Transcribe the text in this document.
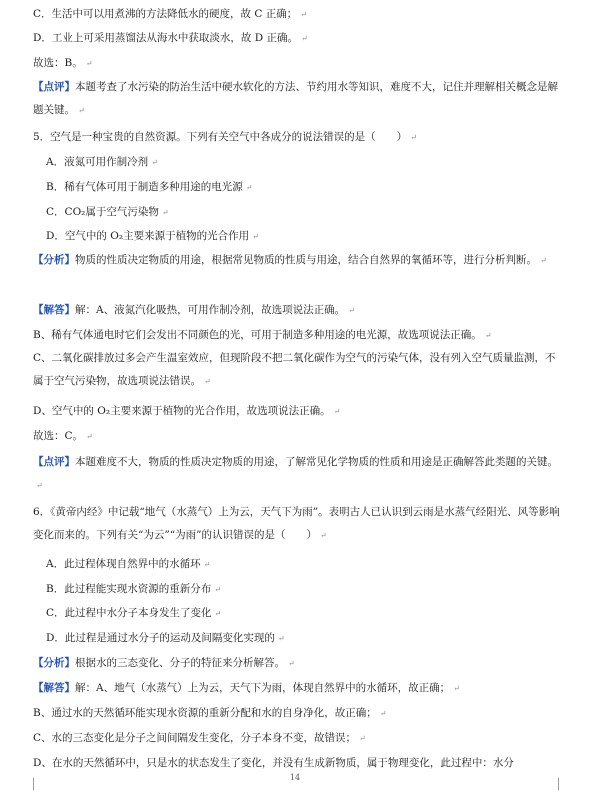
C．生活中可以用煮沸的方法降低水的硬度，故 C 正确； ↵
D．工业上可采用蒸馏法从海水中获取淡水，故 D 正确。 ↵
故选：B。 ↵
【点评】本题考查了水污染的防治生活中硬水软化的方法、节约用水等知识，难度不大，记住并理解相关概念是解题关键。 ↵
5．空气是一种宝贵的自然资源。下列有关空气中各成分的说法错误的是（　　） ↵
A．液氮可用作制冷剂 ↵
B．稀有气体可用于制造多种用途的电光源 ↵
C．CO₂属于空气污染物 ↵
D．空气中的 O₂主要来源于植物的光合作用 ↵
【分析】物质的性质决定物质的用途，根据常见物质的性质与用途，结合自然界的氧循环等，进行分析判断。 ↵
【解答】解：A、液氮汽化吸热，可用作制冷剂，故选项说法正确。 ↵
B、稀有气体通电时它们会发出不同颜色的光，可用于制造多种用途的电光源，故选项说法正确。 ↵
C、二氧化碳排放过多会产生温室效应，但现阶段不把二氧化碳作为空气的污染气体，没有列入空气质量监测，不属于空气污染物，故选项说法错误。 ↵
D、空气中的 O₂主要来源于植物的光合作用，故选项说法正确。 ↵
故选：C。 ↵
【点评】本题难度不大，物质的性质决定物质的用途，了解常见化学物质的性质和用途是正确解答此类题的关键。↵
6．《黄帝内经》中记载“地气（水蒸气）上为云，天气下为雨”。表明古人已认识到云雨是水蒸气经阳光、风等影响变化而来的。下列有关“为云”“为雨”的认识错误的是（　　） ↵
A．此过程体现自然界中的水循环 ↵
B．此过程能实现水资源的重新分布 ↵
C．此过程中水分子本身发生了变化 ↵
D．此过程是通过水分子的运动及间隔变化实现的 ↵
【分析】根据水的三态变化、分子的特征来分析解答。 ↵
【解答】解：A、地气（水蒸气）上为云，天气下为雨，体现自然界中的水循环，故正确； ↵
B、通过水的天然循环能实现水资源的重新分配和水的自身净化，故正确； ↵
C、水的三态变化是分子之间间隔发生变化，分子本身不变，故错误； ↵
D、在水的天然循环中，只是水的状态发生了变化，并没有生成新物质，属于物理变化，此过程中：水分
14
